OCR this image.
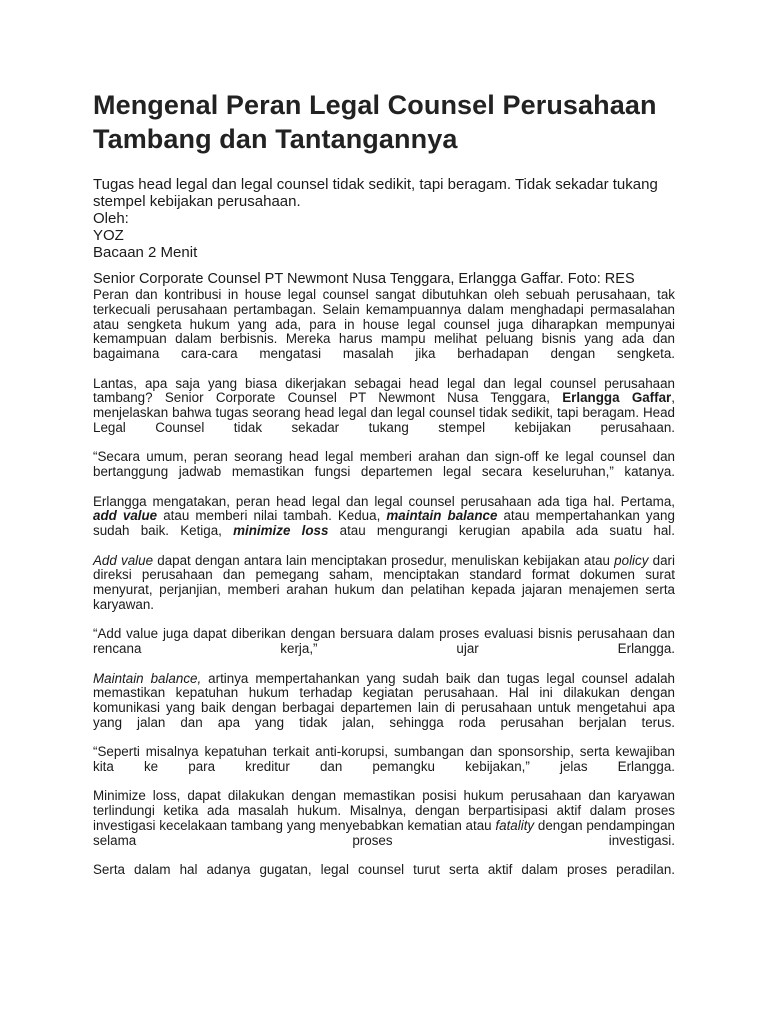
Mengenal Peran Legal Counsel Perusahaan Tambang dan Tantangannya
Tugas head legal dan legal counsel tidak sedikit, tapi beragam. Tidak sekadar tukang stempel kebijakan perusahaan.
Oleh:
YOZ
Bacaan 2 Menit
Senior Corporate Counsel PT Newmont Nusa Tenggara, Erlangga Gaffar. Foto: RES

Peran dan kontribusi in house legal counsel sangat dibutuhkan oleh sebuah perusahaan, tak terkecuali perusahaan pertambagan. Selain kemampuannya dalam menghadapi permasalahan atau sengketa hukum yang ada, para in house legal counsel juga diharapkan mempunyai kemampuan dalam berbisnis. Mereka harus mampu melihat peluang bisnis yang ada dan bagaimana cara-cara mengatasi masalah jika berhadapan dengan sengketa.

Lantas, apa saja yang biasa dikerjakan sebagai head legal dan legal counsel perusahaan tambang? Senior Corporate Counsel PT Newmont Nusa Tenggara, Erlangga Gaffar, menjelaskan bahwa tugas seorang head legal dan legal counsel tidak sedikit, tapi beragam. Head Legal Counsel tidak sekadar tukang stempel kebijakan perusahaan.

“Secara umum, peran seorang head legal memberi arahan dan sign-off ke legal counsel dan bertanggung jadwab memastikan fungsi departemen legal secara keseluruhan,” katanya.

Erlangga mengatakan, peran head legal dan legal counsel perusahaan ada tiga hal. Pertama, add value atau memberi nilai tambah. Kedua, maintain balance atau mempertahankan yang sudah baik. Ketiga, minimize loss atau mengurangi kerugian apabila ada suatu hal.

Add value dapat dengan antara lain menciptakan prosedur, menuliskan kebijakan atau policy dari direksi perusahaan dan pemegang saham, menciptakan standard format dokumen surat menyurat, perjanjian, memberi arahan hukum dan pelatihan kepada jajaran menajemen serta karyawan.

“Add value juga dapat diberikan dengan bersuara dalam proses evaluasi bisnis perusahaan dan rencana kerja,” ujar Erlangga.

Maintain balance, artinya mempertahankan yang sudah baik dan tugas legal counsel adalah memastikan kepatuhan hukum terhadap kegiatan perusahaan. Hal ini dilakukan dengan komunikasi yang baik dengan berbagai departemen lain di perusahaan untuk mengetahui apa yang jalan dan apa yang tidak jalan, sehingga roda perusahan berjalan terus.

“Seperti misalnya kepatuhan terkait anti-korupsi, sumbangan dan sponsorship, serta kewajiban kita ke para kreditur dan pemangku kebijakan,” jelas Erlangga.

Minimize loss, dapat dilakukan dengan memastikan posisi hukum perusahaan dan karyawan terlindungi ketika ada masalah hukum. Misalnya, dengan berpartisipasi aktif dalam proses investigasi kecelakaan tambang yang menyebabkan kematian atau fatality dengan pendampingan selama proses investigasi.

Serta dalam hal adanya gugatan, legal counsel turut serta aktif dalam proses peradilan.
